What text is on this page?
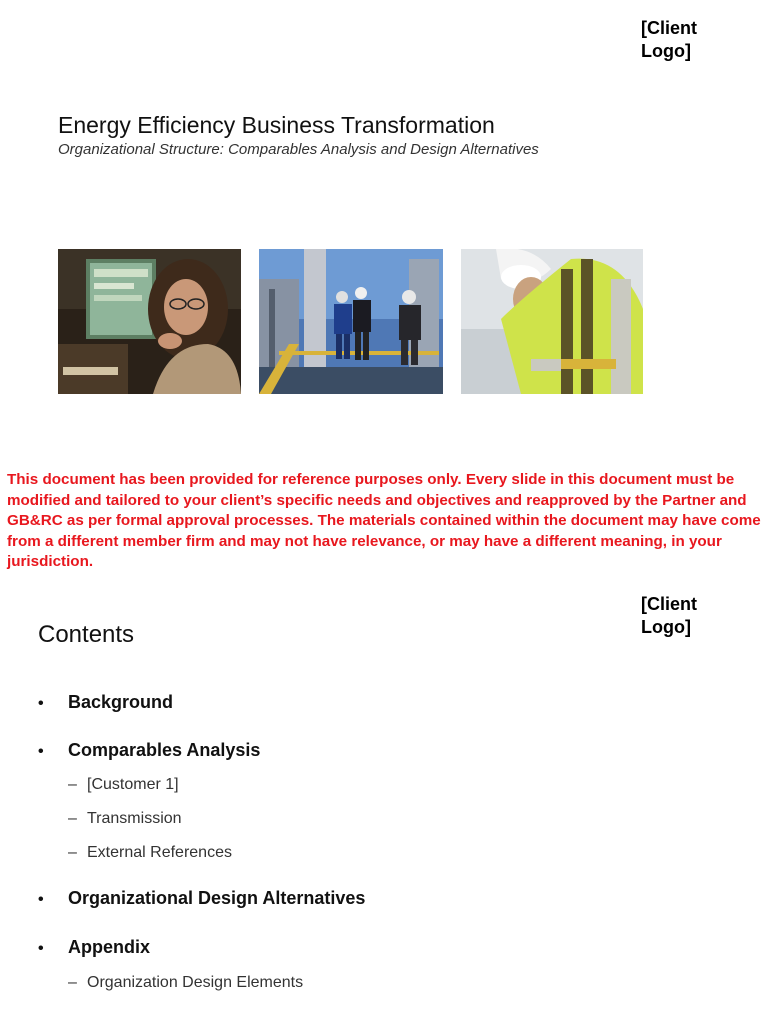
[Client Logo]
Energy Efficiency Business Transformation
Organizational Structure: Comparables Analysis and Design Alternatives
This document has been provided for reference purposes only. Every slide in this document must be modified and tailored to your client’s specific needs and objectives and reapproved by the Partner and GB&RC as per formal approval processes. The materials contained within the document may have come from a different member firm and may not have relevance, or may have a different meaning, in your jurisdiction.
[Client Logo]
Contents
• Background
• Comparables Analysis
– [Customer 1]
– Transmission
– External References
• Organizational Design Alternatives
• Appendix
– Organization Design Elements
